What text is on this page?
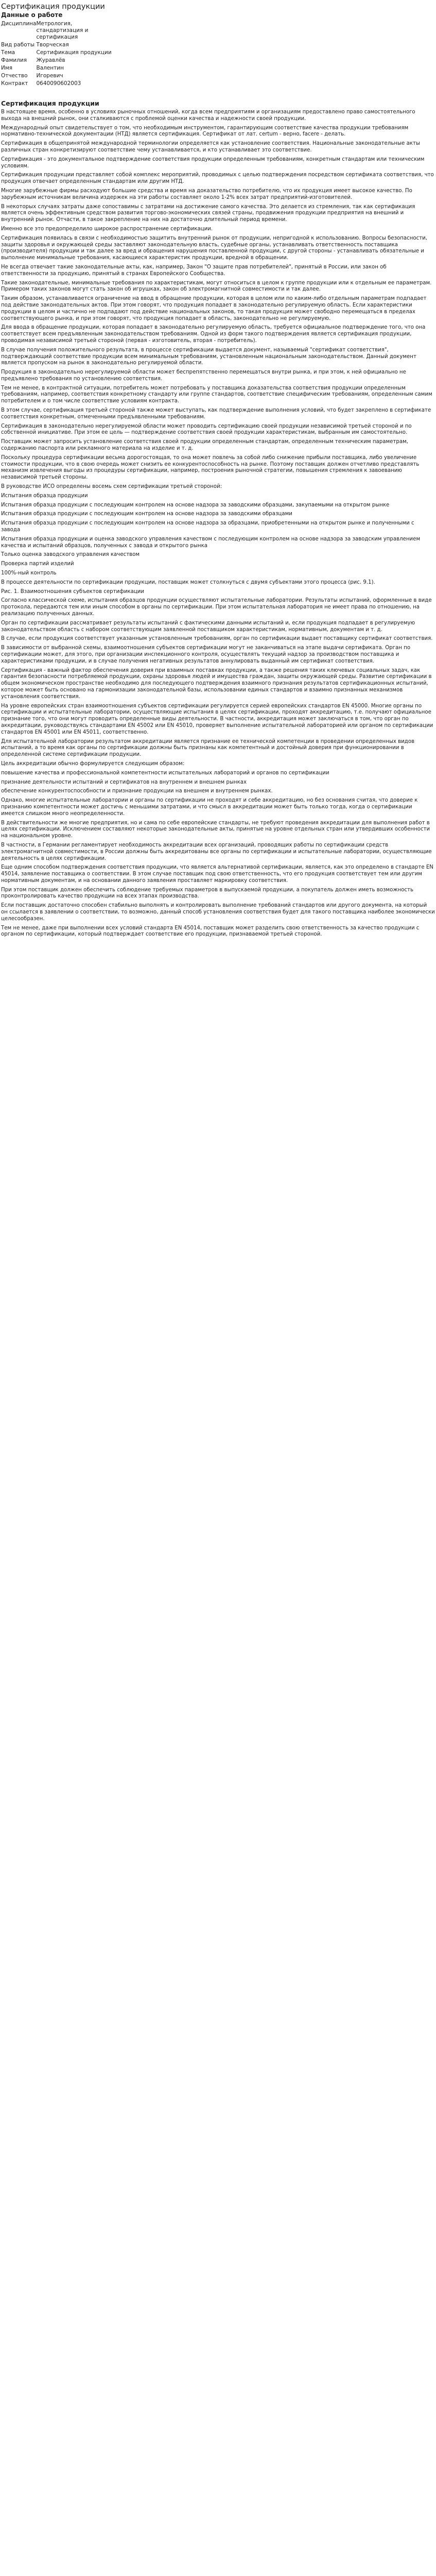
Сертификация продукции
Данные о работе
Дисциплина	Метрология, стандартизация и сертификация
Вид работы	Творческая
Тема	Сертификация продукции
Фамилия	Журавлёв
Имя	Валентин
Отчество	Игоревич
Контракт	0640090602003
Сертификация продукции

В настоящее время, особенно в условиях рыночных отношений, когда всем предприятиям и организациям предоставлено право самостоятельного выхода на внешний рынок, они сталкиваются с проблемой оценки качества и надежности своей продукции.

Международный опыт свидетельствует о том, что необходимым инструментом, гарантирующим соответствие качества продукции требованиям нормативно-технической документации (НТД) является сертификация. Сертификат от лат. certum - верно, facere - делать.

Сертификация в общепринятой международной терминологии определяется как установление соответствия. Национальные законодательные акты различных стран конкретизируют соответствие чему устанавливается, и кто устанавливает это соответствие.

Сертификация - это документальное подтверждение соответствия продукции определенным требованиям, конкретным стандартам или техническим условиям.

Сертификация продукции представляет собой комплекс мероприятий, проводимых с целью подтверждения посредством сертификата соответствия, что продукция отвечает определенным стандартам или другим НТД.

Многие зарубежные фирмы расходуют большие средства и время на доказательство потребителю, что их продукция имеет высокое качество. По зарубежным источникам величина издержек на эти работы составляет около 1-2% всех затрат предприятий-изготовителей.

В некоторых случаях затраты даже сопоставимы с затратами на достижение самого качества. Это делается из стремления, так как сертификация является очень эффективным средством развития торгово-экономических связей страны, продвижения продукции предприятия на внешний и внутренний рынок. Отчасти, в такое закрепление на них на достаточно длительный период времени.

Именно все это предопределило широкое распространение сертификации.

Сертификация появилась в связи с необходимостью защитить внутренний рынок от продукции, непригодной к использованию. Вопросы безопасности, защиты здоровья и окружающей среды заставляют законодательную власть, судебные органы, устанавливать ответственность поставщика (производителя) продукции и так далее за вред и обращения нарушения поставленной продукции, с другой стороны - устанавливать обязательные и выполнение минимальные требования, касающиеся характеристик продукции, вредной в обращении.

Не всегда отвечает такие законодательные акты, как, например, Закон "О защите прав потребителей", принятый в России, или закон об ответственности за продукцию, принятый в странах Европейского Сообщества.

Такие законодательные, минимальные требования по характеристикам, могут относиться в целом к группе продукции или к отдельным ее параметрам. Примером таких законов могут стать закон об игрушках, закон об электромагнитной совместимости и так далее.

Таким образом, устанавливается ограничение на ввод в обращение продукции, которая в целом или по каким-либо отдельным параметрам подпадает под действие законодательных актов. При этом говорят, что продукция попадает в законодательно регулируемую область. Если характеристики продукции в целом и частично не подпадают под действие национальных законов, то такая продукция может свободно перемещаться в пределах соответствующего рынка, и при этом говорят, что продукция попадает в область, законодательно не регулируемую.

Для ввода в обращение продукции, которая попадает в законодательно регулируемую область, требуется официальное подтверждение того, что она соответствует всем предъявленным законодательством требованиям. Одной из форм такого подтверждения является сертификация продукции, проводимая независимой третьей стороной (первая - изготовитель, вторая - потребитель).

В случае получения положительного результата, в процессе сертификации выдается документ, называемый "сертификат соответствия", подтверждающий соответствие продукции всем минимальным требованиям, установленным национальным законодательством. Данный документ является пропуском на рынок в законодательно регулируемой области.

Продукция в законодательно нерегулируемой области может беспрепятственно перемещаться внутри рынка, и при этом, к ней официально не предъявлено требования по установлению соответствия.

Тем не менее, в контрактной ситуации, потребитель может потребовать у поставщика доказательства соответствия продукции определенным требованиям, например, соответствия конкретному стандарту или группе стандартов, соответствие специфическим требованиям, определенным самим потребителем и о том числе соответствие условиям контракта.

В этом случае, сертификация третьей стороной также может выступать, как подтверждение выполнения условий, что будет закреплено в сертификате соответствия конкретным, отмеченными предъявленными требованиям.

Сертификация в законодательно нерегулируемой области может проводить сертификацию своей продукции независимой третьей стороной и по собственной инициативе. При этом ее цель — подтверждение соответствия своей продукции характеристикам, выбранным им самостоятельно.

Поставщик может запросить установление соответствия своей продукции определенным стандартам, определенным техническим параметрам, содержанию паспорта или рекламного материала на изделие и т. д.

Поскольку процедура сертификации весьма дорогостоящая, то она может повлечь за собой либо снижение прибыли поставщика, либо увеличение стоимости продукции, что в свою очередь может снизить ее конкурентоспособность на рынке. Поэтому поставщик должен отчетливо представлять механизм извлечения выгоды из процедуры сертификации, например, построения рыночной стратегии, повышения стремления к завоеванию независимой третьей стороны.

В руководстве ИСО определены восемь схем сертификации третьей стороной:

Испытания образца продукции

Испытания образца продукции с последующим контролем на основе надзора за заводскими образцами, закупаемыми на открытом рынке

Испытания образца продукции с последующим контролем на основе надзора за заводскими образцами

Испытания образца продукции с последующим контролем на основе надзора за образцами, приобретенными на открытом рынке и полученными с завода

Испытания образца продукции и оценка заводского управления качеством с последующим контролем на основе надзора за заводским управлением качества и испытаний образцов, полученных с завода и открытого рынка

Только оценка заводского управления качеством

Проверка партий изделий

100%-ный контроль

В процессе деятельности по сертификации продукции, поставщик может столкнуться с двумя субъектами этого процесса (рис. 9.1).

Рис. 1. Взаимоотношения субъектов сертификации

Согласно классической схеме, испытания образцов продукции осуществляют испытательные лаборатории. Результаты испытаний, оформленные в виде протокола, передаются тем или иным способом в органы по сертификации. При этом испытательная лаборатория не имеет права по отношению, на реализацию полученных данных.

Орган по сертификации рассматривает результаты испытаний с фактическими данными испытаний и, если продукция подпадает в регулируемую законодательством область с набором соответствующим заявленной поставщиком характеристикам, нормативным, документам и т. д.

В случае, если продукция соответствует указанным установленным требованиям, орган по сертификации выдает поставщику сертификат соответствия.

В зависимости от выбранной схемы, взаимоотношения субъектов сертификации могут не заканчиваться на этапе выдачи сертификата. Орган по сертификации может, для этого, при организации инспекционного контроля, осуществлять текущий надзор за производством поставщика и характеристиками продукции, и в случае получения негативных результатов аннулировать выданный им сертификат соответствия.

Сертификация - важный фактор обеспечения доверия при взаимных поставках продукции, а также решения таких ключевых социальных задач, как гарантия безопасности потребляемой продукции, охраны здоровья людей и имущества граждан, защиты окружающей среды. Развитие сертификации в общем экономическом пространстве необходимо для последующего подтверждения взаимного признания результатов сертификационных испытаний, которое может быть основано на гармонизации законодательной базы, использовании единых стандартов и взаимно признанных механизмов установления соответствия.

На уровне европейских стран взаимоотношения субъектов сертификации регулируется серией европейских стандартов EN 45000. Многие органы по сертификации и испытательные лаборатории, осуществляющие испытания в целях сертификации, проходят аккредитацию, т.е. получают официальное признание того, что они могут проводить определенные виды деятельности. В частности, аккредитация может заключаться в том, что орган по аккредитации, руководствуясь стандартами EN 45002 или EN 45010, проверяет выполнение испытательной лабораторией или органом по сертификации стандартов EN 45001 или EN 45011, соответственно.

Для испытательной лаборатории результатом аккредитации является признание ее технической компетенции в проведении определенных видов испытаний, а то время как органы по сертификации должны быть признаны как компетентный и достойный доверия при функционировании в определенной системе сертификации продукции.

Цель аккредитации обычно формулируется следующим образом:

повышение качества и профессиональной компетентности испытательных лабораторий и органов по сертификации

признание деятельности испытаний и сертификатов на внутреннем и внешнем рынках

обеспечение конкурентоспособности и признание продукции на внешнем и внутреннем рынках.

Однако, многие испытательные лаборатории и органы по сертификации не проходят и себе аккредитацию, но без основания считая, что доверие к признанию компетентности может достичь с меньшими затратами, и что смысл в аккредитации может быть только тогда, когда о сертификации имеется слишком много неопределенности.

В действительности же многие предприятия, но и сама по себе европейские стандарты, не требуют проведения аккредитации для выполнения работ в целях сертификации. Исключением составляют некоторые законодательные акты, принятые на уровне отдельных стран или утвердивших особенности на национальном уровне.

В частности, в Германии регламентирует необходимость аккредитации всех организаций, проводящих работы по сертификации средств электромагнитной совместимости, в России должны быть аккредитованы все органы по сертификации и испытательные лаборатории, осуществляющие деятельность в целях сертификации.

Еще одним способом подтверждения соответствия продукции, что является альтернативой сертификации, является, как это определено в стандарте EN 45014, заявление поставщика о соответствии. В этом случае поставщик под свою ответственность, что его продукция соответствует тем или другим нормативным документам, и на основании данного заявления проставляет маркировку соответствия.

При этом поставщик должен обеспечить соблюдение требуемых параметров в выпускаемой продукции, а покупатель должен иметь возможность проконтролировать качество продукции на всех этапах производства.

Если поставщик достаточно способен стабильно выполнять и контролировать выполнение требований стандартов или другого документа, на который он ссылается в заявлении о соответствии, то возможно, данный способ установления соответствия будет для такого поставщика наиболее экономически целесообразен.

Тем не менее, даже при выполнении всех условий стандарта EN 45014, поставщик может разделить свою ответственность за качество продукции с органом по сертификации, который подтверждает соответствие его продукции, признаваемой третьей стороной.
